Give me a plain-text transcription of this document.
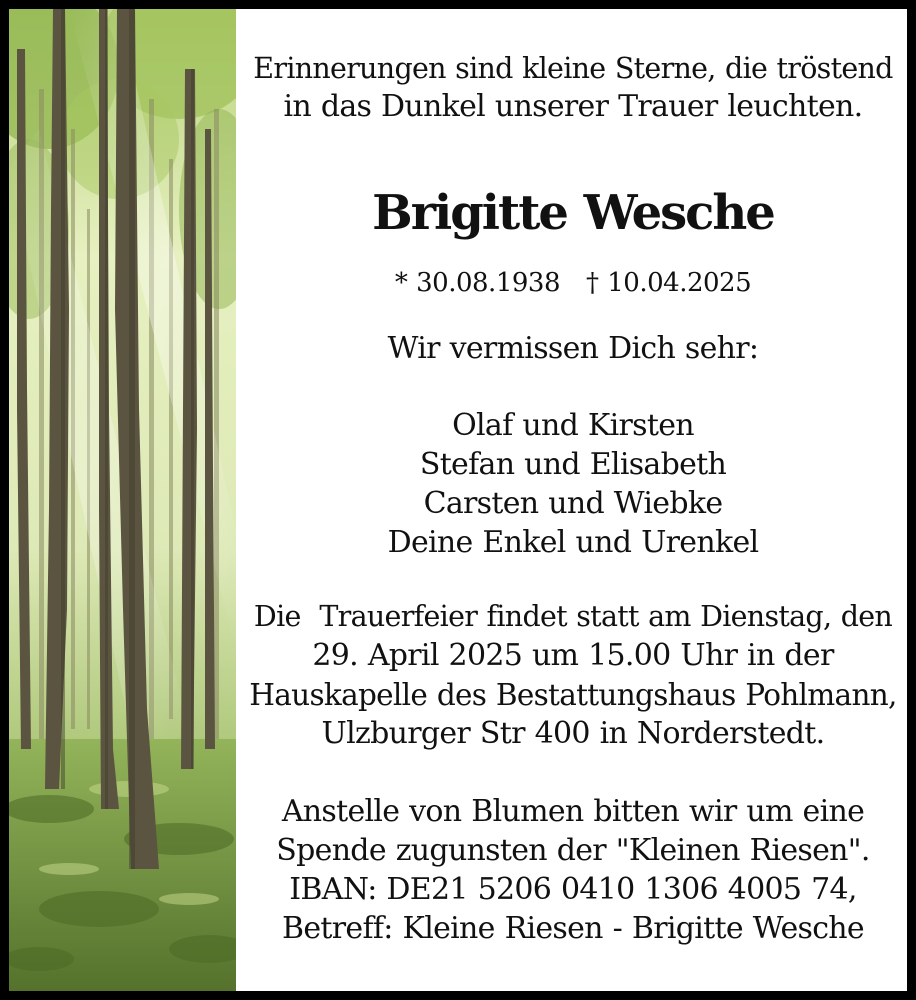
Erinnerungen sind kleine Sterne, die tröstend
in das Dunkel unserer Trauer leuchten.
Brigitte Wesche
* 30.08.1938 † 10.04.2025
Wir vermissen Dich sehr:
Olaf und Kirsten
Stefan und Elisabeth
Carsten und Wiebke
Deine Enkel und Urenkel
Die  Trauerfeier findet statt am Dienstag, den
29. April 2025 um 15.00 Uhr in der
Hauskapelle des Bestattungshaus Pohlmann,
Ulzburger Str 400 in Norderstedt.
Anstelle von Blumen bitten wir um eine
Spende zugunsten der "Kleinen Riesen".
IBAN: DE21 5206 0410 1306 4005 74,
Betreff: Kleine Riesen - Brigitte Wesche
